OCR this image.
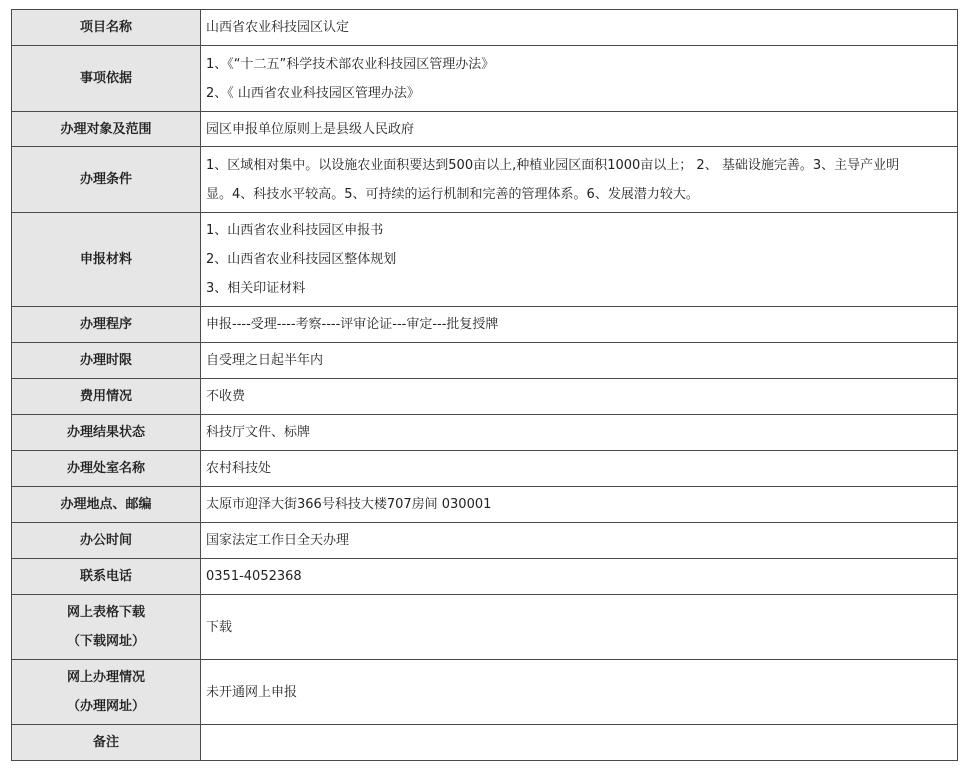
项目名称	山西省农业科技园区认定

事项依据	1、《“十二五”科学技术部农业科技园区管理办法》
2、《 山西省农业科技园区管理办法》

办理对象及范围	园区申报单位原则上是县级人民政府

办理条件	1、区域相对集中。以设施农业面积要达到500亩以上,种植业园区面积1000亩以上； 2、 基础设施完善。3、主导产业明
显。4、科技水平较高。5、可持续的运行机制和完善的管理体系。6、发展潜力较大。

申报材料	1、山西省农业科技园区申报书
2、山西省农业科技园区整体规划
3、相关印证材料

办理程序	申报----受理----考察----评审论证---审定---批复授牌

办理时限	自受理之日起半年内

费用情况	不收费

办理结果状态	科技厅文件、标牌

办理处室名称	农村科技处

办理地点、邮编	太原市迎泽大街366号科技大楼707房间 030001

办公时间	国家法定工作日全天办理

联系电话	0351-4052368

网上表格下载
（下载网址）	下载

网上办理情况
（办理网址）	未开通网上申报

备注	
